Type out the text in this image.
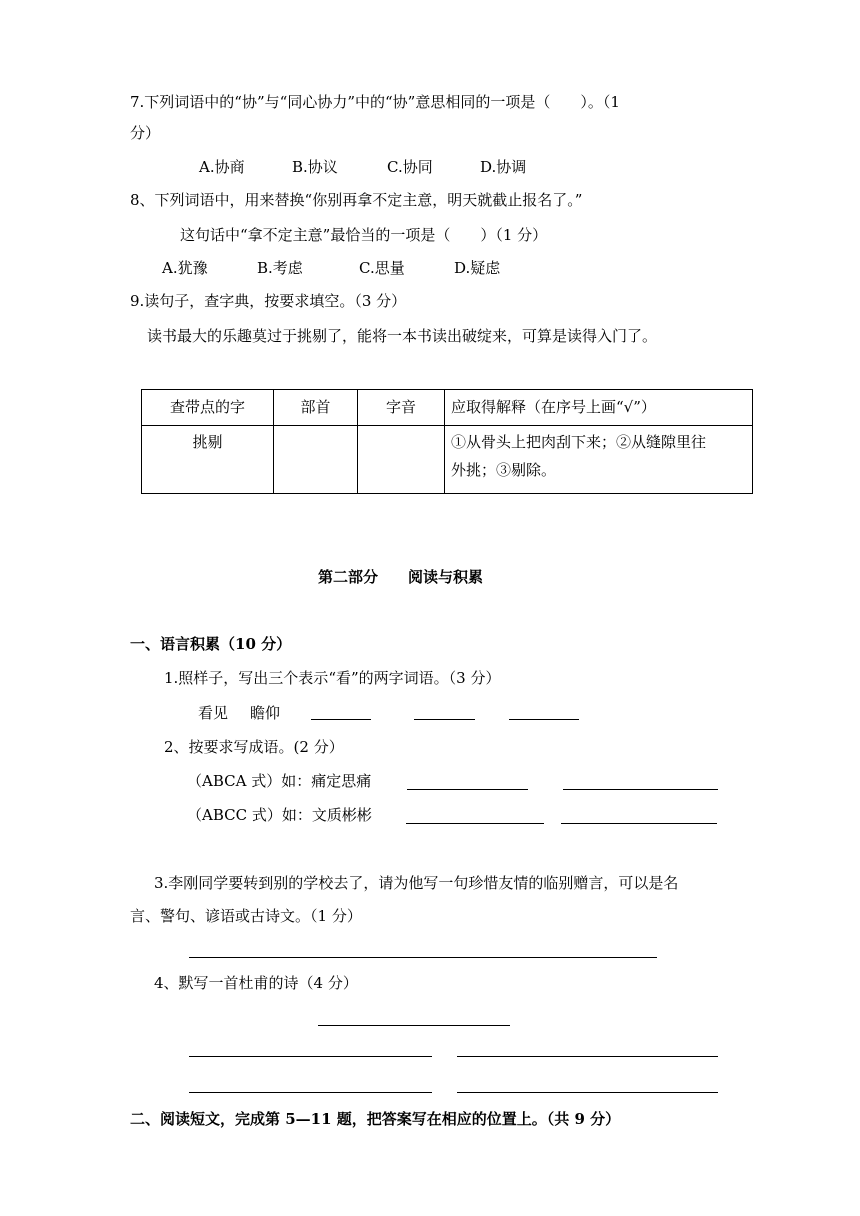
7.下列词语中的“协”与“同心协力”中的“协”意思相同的一项是（　　）。（1
分）
A.协商	B.协议	C.协同	D.协调
8、下列词语中，用来替换“你别再拿不定主意，明天就截止报名了。”
这句话中“拿不定主意”最恰当的一项是（　　）（1 分）
A.犹豫	B.考虑	C.思量	D.疑虑
9.读句子，查字典，按要求填空。（3 分）
读书最大的乐趣莫过于挑剔了，能将一本书读出破绽来，可算是读得入门了。
查带点的字	部首	字音	应取得解释（在序号上画“√”）
挑剔			①从骨头上把肉刮下来；②从缝隙里往
外挑；③剔除。
第二部分　　阅读与积累
一、语言积累（10 分）
1.照样子，写出三个表示“看”的两字词语。（3 分）
看见 瞻仰
2、按要求写成语。(2 分）
（ABCA 式）如：痛定思痛
（ABCC 式）如：文质彬彬
3.李刚同学要转到别的学校去了，请为他写一句珍惜友情的临别赠言，可以是名
言、警句、谚语或古诗文。（1 分）
4、默写一首杜甫的诗（4 分）
二、阅读短文，完成第 5—11 题，把答案写在相应的位置上。（共 9 分）
